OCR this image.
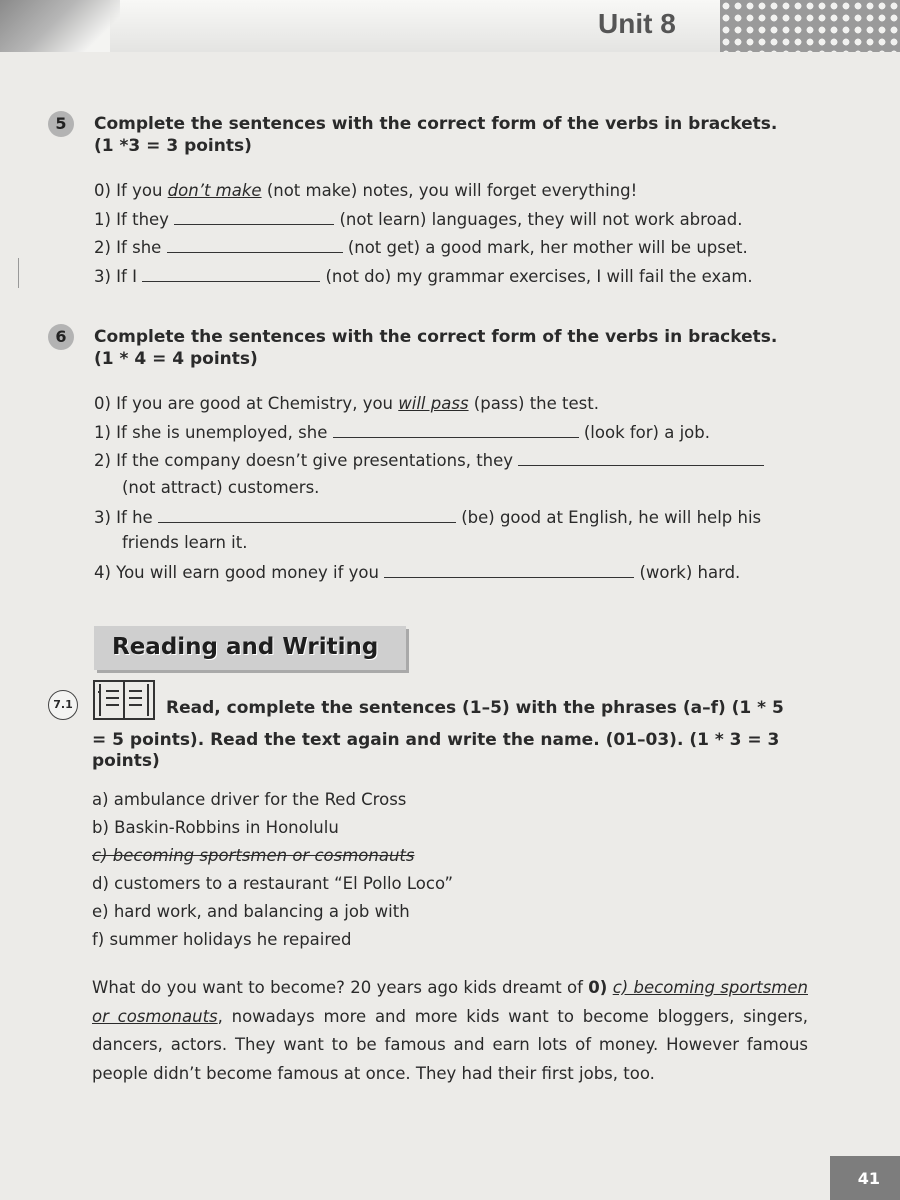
Unit 8
5	Complete the sentences with the correct form of the verbs in brackets.
(1 *3 = 3 points)
0) If you don’t make (not make) notes, you will forget everything!
1) If they	(not learn) languages, they will not work abroad.
2) If she	(not get) a good mark, her mother will be upset.
3) If I	(not do) my grammar exercises, I will fail the exam.
6	Complete the sentences with the correct form of the verbs in brackets.
(1 * 4 = 4 points)
0) If you are good at Chemistry, you will pass (pass) the test.
1) If she is unemployed, she	(look for) a job.
2) If the company doesn’t give presentations, they
(not attract) customers.
3) If he	(be) good at English, he will help his
friends learn it.
4) You will earn good money if you	(work) hard.
Reading and Writing
7.1	Read, complete the sentences (1–5) with the phrases (a–f) (1 * 5
= 5 points). Read the text again and write the name. (01–03). (1 * 3 = 3
points)
a) ambulance driver for the Red Cross
b) Baskin-Robbins in Honolulu
c) becoming sportsmen or cosmonauts
d) customers to a restaurant “El Pollo Loco”
e) hard work, and balancing a job with
f) summer holidays he repaired
What do you want to become? 20 years ago kids dreamt of 0) c) becoming sportsmen or cosmonauts, nowadays more and more kids want to become bloggers, singers, dancers, actors. They want to be famous and earn lots of money. However famous people didn’t become famous at once. They had their first jobs, too.
41
